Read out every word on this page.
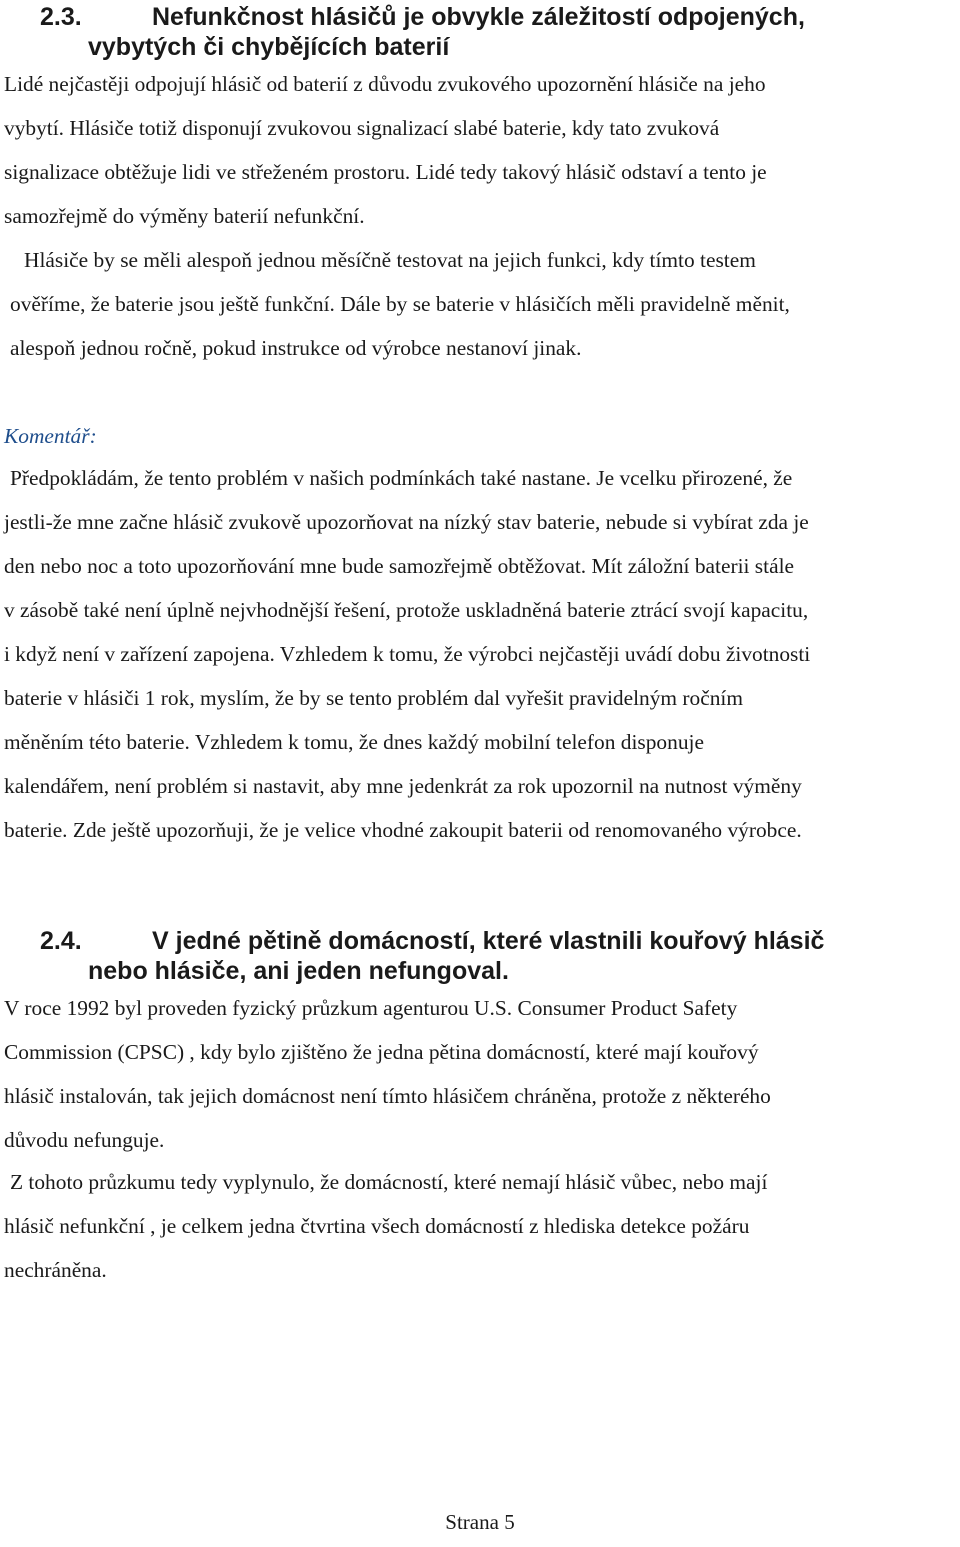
2.3.	Nefunkčnost hlásičů je obvykle záležitostí odpojených,
vybytých či chybějících baterií
Lidé nejčastěji odpojují hlásič od baterií z důvodu zvukového upozornění hlásiče na jeho
vybytí. Hlásiče totiž disponují zvukovou signalizací slabé baterie, kdy tato zvuková
signalizace obtěžuje lidi ve střeženém prostoru. Lidé tedy takový hlásič odstaví a tento je
samozřejmě do výměny baterií nefunkční.
Hlásiče by se měli alespoň jednou měsíčně testovat na jejich funkci, kdy tímto testem
ověříme, že baterie jsou ještě funkční. Dále by se baterie v hlásičích měli pravidelně měnit,
alespoň jednou ročně, pokud instrukce od výrobce nestanoví jinak.
Komentář:
Předpokládám, že tento problém v našich podmínkách také nastane. Je vcelku přirozené, že
jestli-že mne začne hlásič zvukově upozorňovat na nízký stav baterie, nebude si vybírat zda je
den nebo noc a toto upozorňování mne bude samozřejmě obtěžovat. Mít záložní baterii stále
v zásobě také není úplně nejvhodnější řešení, protože uskladněná baterie ztrácí svojí kapacitu,
i když není v zařízení zapojena. Vzhledem k tomu, že výrobci nejčastěji uvádí dobu životnosti
baterie v hlásiči 1 rok, myslím, že by se tento problém dal vyřešit pravidelným ročním
měněním této baterie. Vzhledem k tomu, že dnes každý mobilní telefon disponuje
kalendářem, není problém si nastavit, aby mne jedenkrát za rok upozornil na nutnost výměny
baterie. Zde ještě upozorňuji, že je velice vhodné zakoupit baterii od renomovaného výrobce.
2.4.	V jedné pětině domácností, které vlastnili kouřový hlásič
nebo hlásiče, ani jeden nefungoval.
V roce 1992 byl proveden fyzický průzkum agenturou U.S. Consumer Product Safety
Commission (CPSC) , kdy bylo zjištěno že jedna pětina domácností, které mají kouřový
hlásič instalován, tak jejich domácnost není tímto hlásičem chráněna, protože z některého
důvodu nefunguje.
Z tohoto průzkumu tedy vyplynulo, že domácností, které nemají hlásič vůbec, nebo mají
hlásič nefunkční , je celkem jedna čtvrtina všech domácností z hlediska detekce požáru
nechráněna.
Strana 5
